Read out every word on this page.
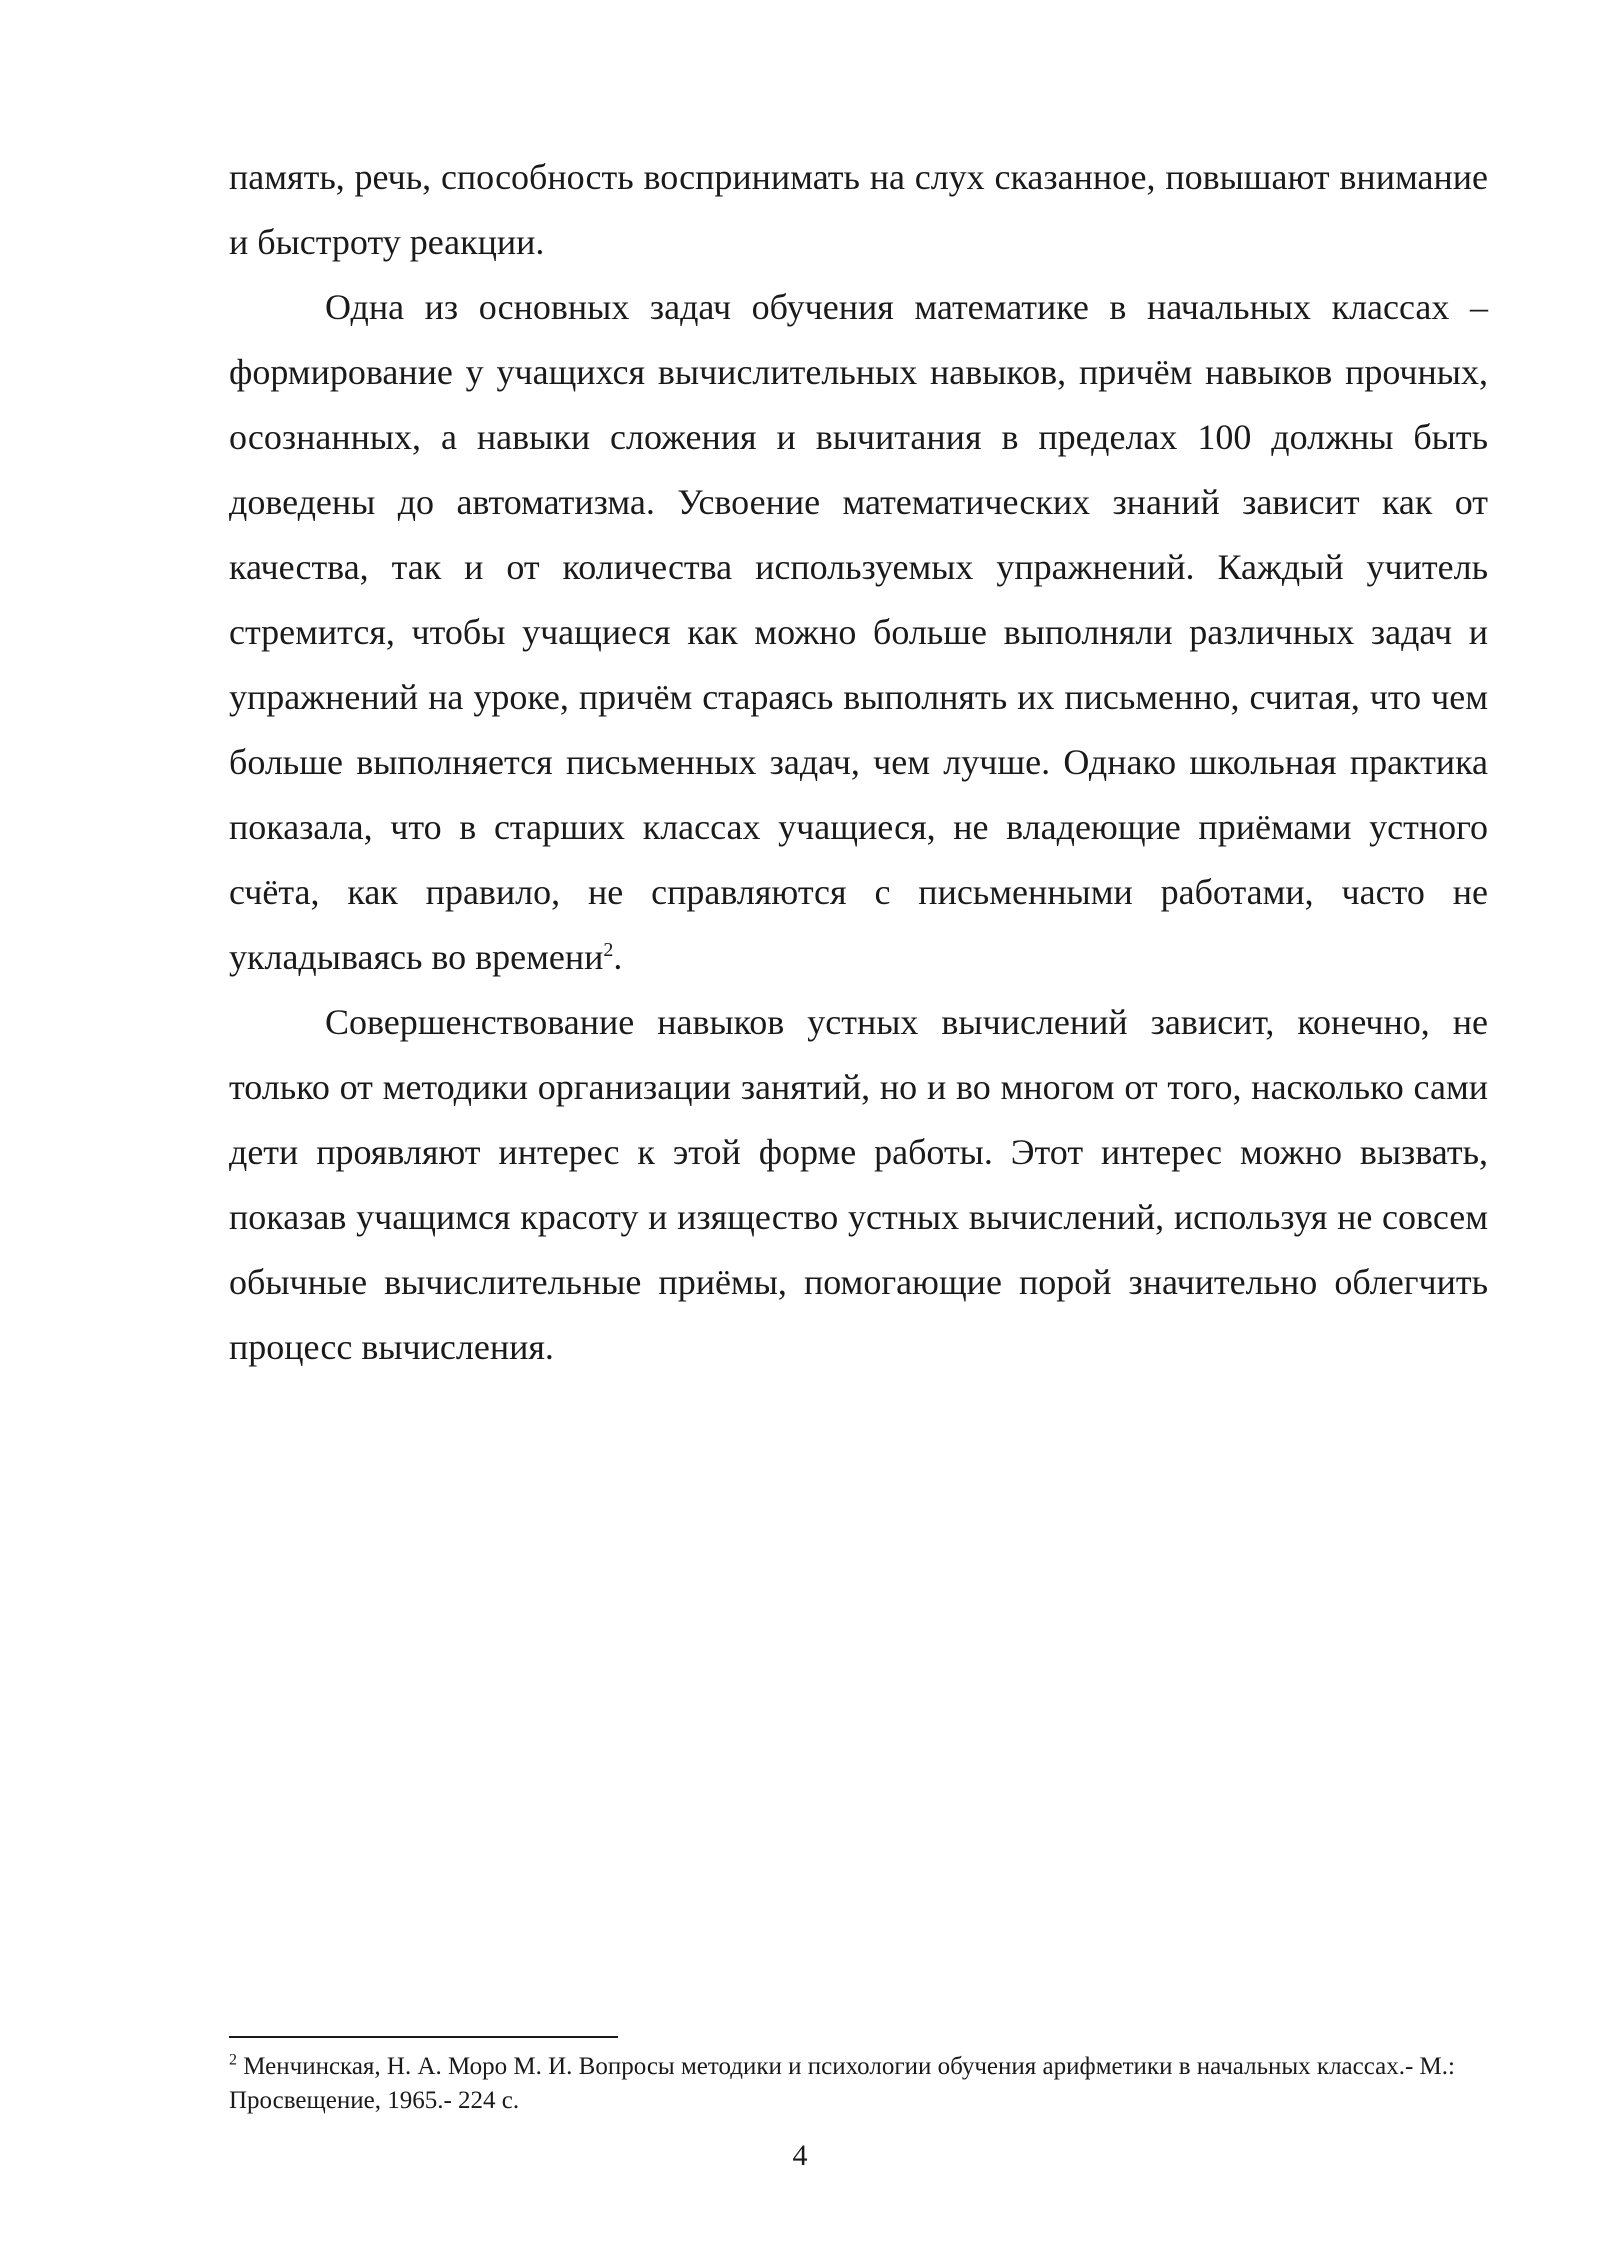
память, речь, способность воспринимать на слух сказанное, повышают внимание и быстроту реакции.

Одна из основных задач обучения математике в начальных классах – формирование у учащихся вычислительных навыков, причём навыков прочных, осознанных, а навыки сложения и вычитания в пределах 100 должны быть доведены до автоматизма. Усвоение математических знаний зависит как от качества, так и от количества используемых упражнений. Каждый учитель стремится, чтобы учащиеся как можно больше выполняли различных задач и упражнений на уроке, причём стараясь выполнять их письменно, считая, что чем больше выполняется письменных задач, чем лучше. Однако школьная практика показала, что в старших классах учащиеся, не владеющие приёмами устного счёта, как правило, не справляются с письменными работами, часто не укладываясь во времени$^2$.

Совершенствование навыков устных вычислений зависит, конечно, не только от методики организации занятий, но и во многом от того, насколько сами дети проявляют интерес к этой форме работы. Этот интерес можно вызвать, показав учащимся красоту и изящество устных вычислений, используя не совсем обычные вычислительные приёмы, помогающие порой значительно облегчить процесс вычисления.

$^2$ Менчинская, Н. А. Моро М. И. Вопросы методики и психологии обучения арифметики в начальных классах.- М.: Просвещение, 1965.- 224 с.
4
